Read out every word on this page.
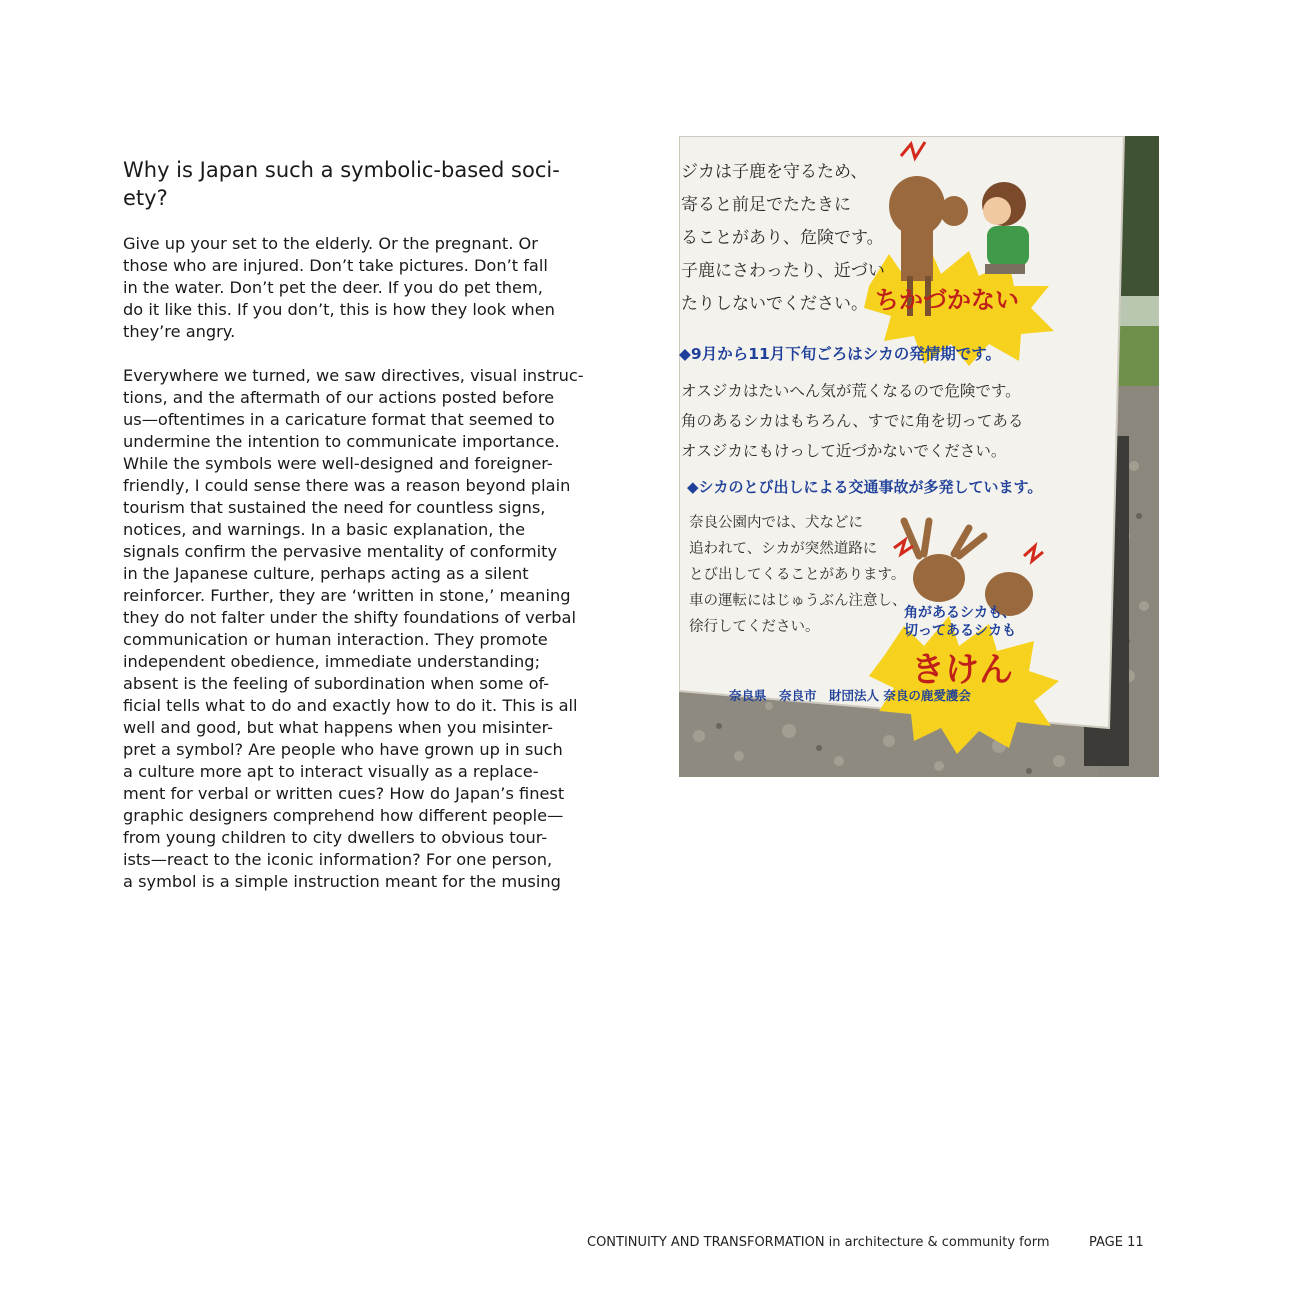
Why is Japan such a symbolic-based soci-
ety?

Give up your set to the elderly. Or the pregnant. Or
those who are injured. Don’t take pictures. Don’t fall
in the water. Don’t pet the deer. If you do pet them,
do it like this. If you don’t, this is how they look when
they’re angry.

Everywhere we turned, we saw directives, visual instruc-
tions, and the aftermath of our actions posted before
us—oftentimes in a caricature format that seemed to
undermine the intention to communicate importance.
While the symbols were well-designed and foreigner-
friendly, I could sense there was a reason beyond plain
tourism that sustained the need for countless signs,
notices, and warnings. In a basic explanation, the
signals confirm the pervasive mentality of conformity
in the Japanese culture, perhaps acting as a silent
reinforcer. Further, they are ‘written in stone,’ meaning
they do not falter under the shifty foundations of verbal
communication or human interaction. They promote
independent obedience, immediate understanding;
absent is the feeling of subordination when some of-
ficial tells what to do and exactly how to do it. This is all
well and good, but what happens when you misinter-
pret a symbol? Are people who have grown up in such
a culture more apt to interact visually as a replace-
ment for verbal or written cues? How do Japan’s finest
graphic designers comprehend how different people—
from young children to city dwellers to obvious tour-
ists—react to the iconic information? For one person,
a symbol is a simple instruction meant for the musing

ジカは子鹿を守るため、
寄ると前足でたたきに
ることがあり、危険です。
子鹿にさわったり、近づい
たりしないでください。 ちかづかない
◆9月から11月下旬ごろはシカの発情期です。
オスジカはたいへん気が荒くなるので危険です。
角のあるシカはもちろん、すでに角を切ってある
オスジカにもけっして近づかないでください。
◆シカのとび出しによる交通事故が多発しています。
奈良公園内では、犬などに
追われて、シカが突然道路に
とび出してくることがあります。
車の運転にはじゅうぶん注意し、
徐行してください。
角があるシカも、
切ってあるシカも
きけん
奈良県　奈良市　財団法人 奈良の鹿愛護会
CONTINUITY AND TRANSFORMATION in architecture & community form	PAGE 11
